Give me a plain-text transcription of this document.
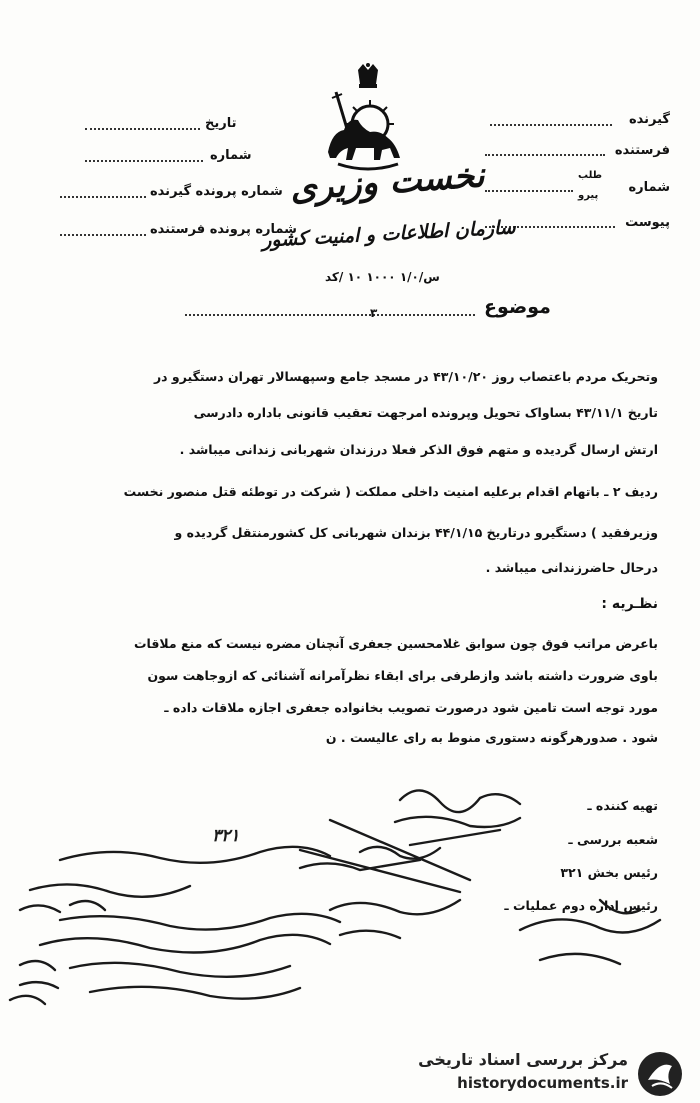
گیرنده
فرستنده
شماره
طلب
پیرو
پیوست
تاریخ
شماره
شماره پرونده گیرنده
شماره پرونده فرستنده
نخست وزیری
سازمان اطلاعات و امنیت کشور
س/۱/۰ ۱۰۰۰ ۱۰ /کد
موضوع
۳
وتحریک مردم باعتصاب روز ۴۳/۱۰/۲۰ در مسجد جامع وسپهسالار تهران دستگیرو در
تاریخ ۴۳/۱۱/۱ بساواک تحویل وپرونده امرجهت تعقیب قانونی باداره دادرسی
ارتش ارسال گردیده و متهم فوق الذکر فعلا درزندان شهربانی زندانی میباشد .
ردیف ۲ ـ باتهام اقدام برعلیه امنیت داخلی مملکت ( شرکت در توطئه قتل منصور نخست
وزیرفقید ) دستگیرو درتاریخ ۴۴/۱/۱۵ بزندان شهربانی کل کشورمنتقل گردیده و
درحال حاضرزندانی میباشد .
نظـریه :
باعرض مراتب فوق چون سوابق غلامحسین جعفری آنچنان مضره نیست که منع ملاقات
باوی ضرورت داشته باشد وازطرفی برای ابقاء نظرآمرانه آشنائی که ازوجاهت سون
مورد توجه است تامین شود درصورت تصویب بخانواده جعفری اجازه ملاقات داده ـ
شود . صدورهرگونه دستوری منوط به رای عالیست . ن
تهیه کننده ـ
شعبه بررسی ـ
رئیس بخش ۳۲۱
رئیس اداره دوم عملیات ـ
۳۲۱
مرکز بررسی اسناد تاریخی
historydocuments.ir
